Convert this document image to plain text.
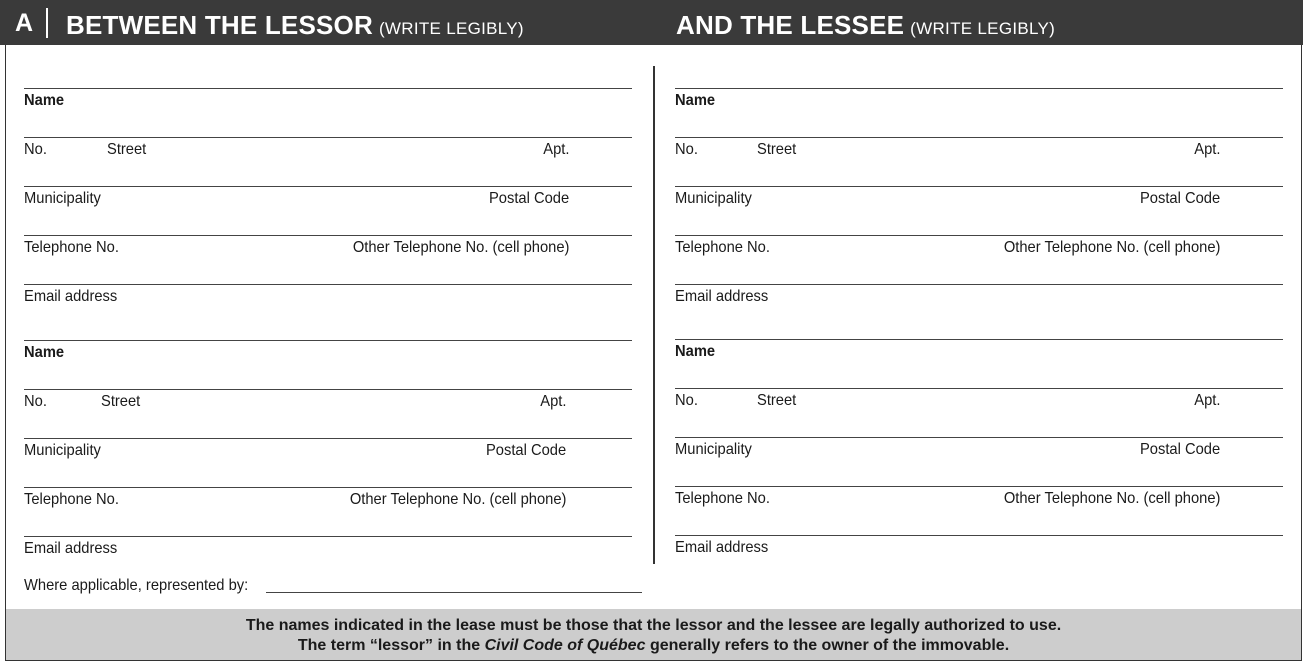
A	BETWEEN THE LESSOR (WRITE LEGIBLY)	AND THE LESSEE (WRITE LEGIBLY)
Name
No.	Street	Apt.
Municipality	Postal Code
Telephone No.	Other Telephone No. (cell phone)
Email address
Name
No.	Street	Apt.
Municipality	Postal Code
Telephone No.	Other Telephone No. (cell phone)
Email address
Name
No.	Street	Apt.
Municipality	Postal Code
Telephone No.	Other Telephone No. (cell phone)
Email address
Name
No.	Street	Apt.
Municipality	Postal Code
Telephone No.	Other Telephone No. (cell phone)
Email address
Where applicable, represented by:
The names indicated in the lease must be those that the lessor and the lessee are legally authorized to use.
The term “lessor” in the Civil Code of Québec generally refers to the owner of the immovable.
